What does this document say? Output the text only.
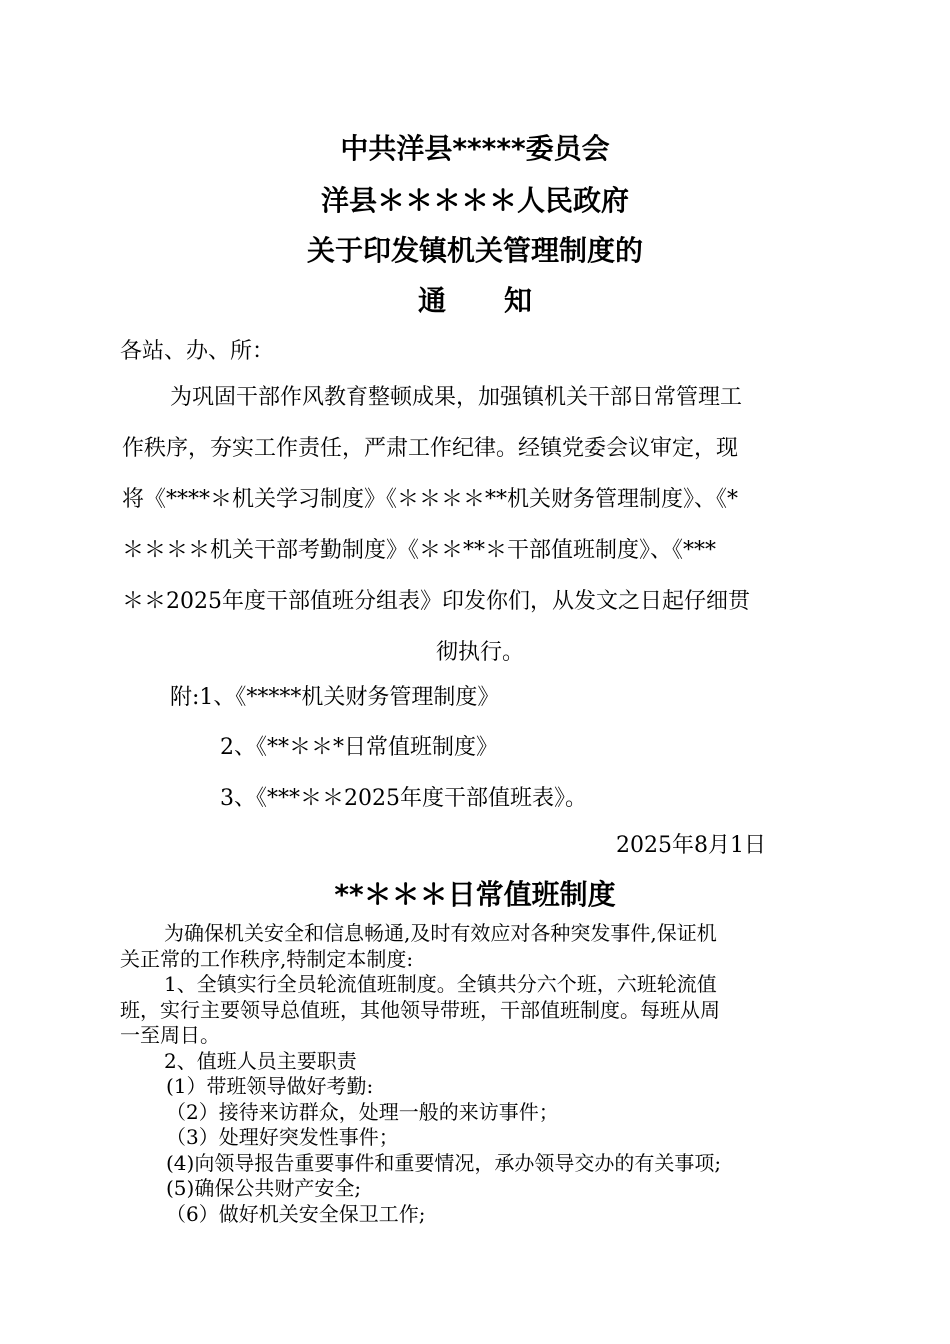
中共洋县*****委员会
洋县＊＊＊＊＊人民政府
关于印发镇机关管理制度的
通 知
各站、办、所：
为巩固干部作风教育整顿成果，加强镇机关干部日常管理工
作秩序，夯实工作责任，严肃工作纪律。经镇党委会议审定，现
将《****＊机关学习制度》《＊＊＊＊**机关财务管理制度》、《*
＊＊＊＊机关干部考勤制度》《＊＊**＊干部值班制度》、《***
＊＊2025年度干部值班分组表》印发你们，从发文之日起仔细贯
彻执行。
附:1、《*****机关财务管理制度》
2、《**＊＊*日常值班制度》
3、《***＊＊2025年度干部值班表》。
2025年8月1日
**＊＊＊日常值班制度
为确保机关安全和信息畅通,及时有效应对各种突发事件,保证机
关正常的工作秩序,特制定本制度:
1、全镇实行全员轮流值班制度。全镇共分六个班，六班轮流值
班，实行主要领导总值班，其他领导带班，干部值班制度。每班从周
一至周日。
2、值班人员主要职责
(1）带班领导做好考勤:
（2）接待来访群众，处理一般的来访事件；
（3）处理好突发性事件；
(4)向领导报告重要事件和重要情况，承办领导交办的有关事项;
(5)确保公共财产安全;
（6）做好机关安全保卫工作;
